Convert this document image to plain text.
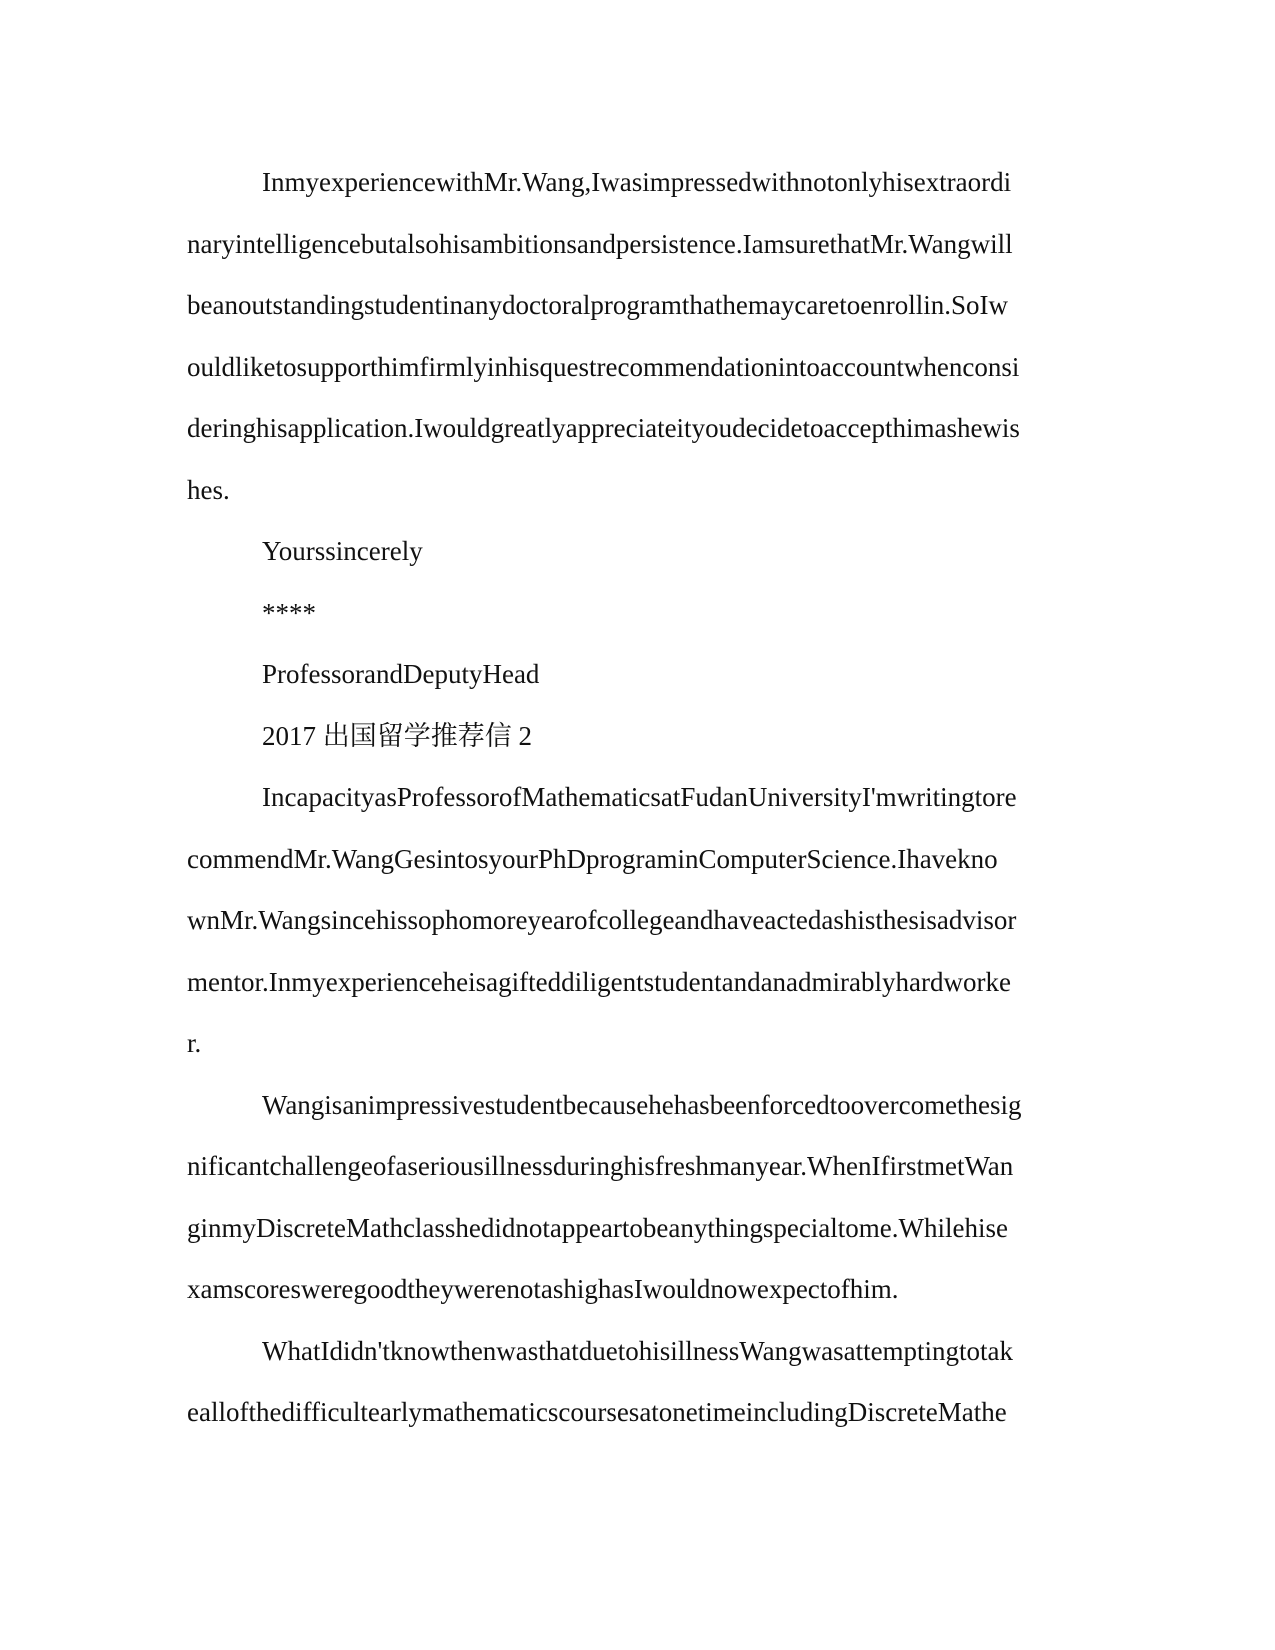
InmyexperiencewithMr.Wang,Iwasimpressedwithnotonlyhisextraordi
naryintelligencebutalsohisambitionsandpersistence.IamsurethatMr.Wangwill
beanoutstandingstudentinanydoctoralprogramthathemaycaretoenrollin.SoIw
ouldliketosupporthimfirmlyinhisquestrecommendationintoaccountwhenconsi
deringhisapplication.Iwouldgreatlyappreciateityoudecidetoaccepthimashewis
hes.
Yourssincerely
****
ProfessorandDeputyHead
2017 出国留学推荐信 2
IncapacityasProfessorofMathematicsatFudanUniversityI'mwritingtore
commendMr.WangGesintosyourPhDprograminComputerScience.Ihavekno
wnMr.Wangsincehissophomoreyearofcollegeandhaveactedashisthesisadvisor
mentor.Inmyexperienceheisagifteddiligentstudentandanadmirablyhardworke
r.
Wangisanimpressivestudentbecausehehasbeenforcedtoovercomethesig
nificantchallengeofaseriousillnessduringhisfreshmanyear.WhenIfirstmetWan
ginmyDiscreteMathclasshedidnotappeartobeanythingspecialtome.Whilehise
xamscoresweregoodtheywerenotashighasIwouldnowexpectofhim.
WhatIdidn'tknowthenwasthatduetohisillnessWangwasattemptingtotak
eallofthedifficultearlymathematicscoursesatonetimeincludingDiscreteMathe
